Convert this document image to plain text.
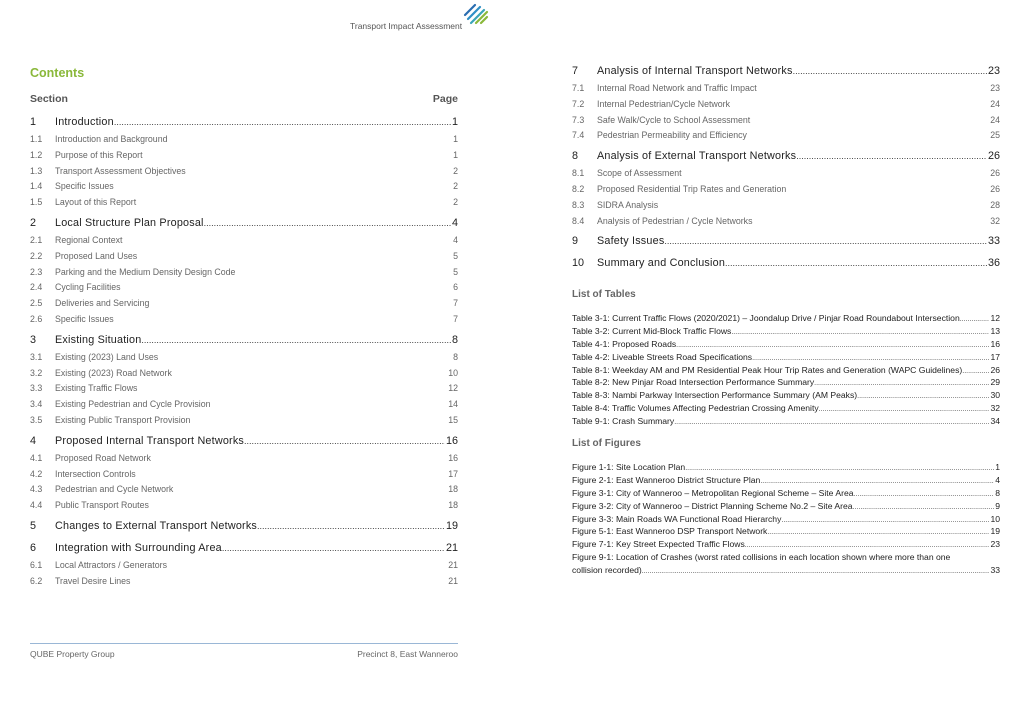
Transport Impact Assessment
Contents
Section	Page
1	Introduction .....	1
1.1 Introduction and Background	1
1.2 Purpose of this Report	1
1.3 Transport Assessment Objectives	2
1.4 Specific Issues	2
1.5 Layout of this Report	2
2	Local Structure Plan Proposal .....	4
2.1 Regional Context	4
2.2 Proposed Land Uses	5
2.3 Parking and the Medium Density Design Code	5
2.4 Cycling Facilities	6
2.5 Deliveries and Servicing	7
2.6 Specific Issues	7
3	Existing Situation .....	8
3.1 Existing (2023) Land Uses	8
3.2 Existing (2023) Road Network	10
3.3 Existing Traffic Flows	12
3.4 Existing Pedestrian and Cycle Provision	14
3.5 Existing Public Transport Provision	15
4	Proposed Internal Transport Networks .....	16
4.1 Proposed Road Network	16
4.2 Intersection Controls	17
4.3 Pedestrian and Cycle Network	18
4.4 Public Transport Routes	18
5	Changes to External Transport Networks .....	19
6	Integration with Surrounding Area .....	21
6.1 Local Attractors / Generators	21
6.2 Travel Desire Lines	21
7	Analysis of Internal Transport Networks .....	23
7.1 Internal Road Network and Traffic Impact	23
7.2 Internal Pedestrian/Cycle Network	24
7.3 Safe Walk/Cycle to School Assessment	24
7.4 Pedestrian Permeability and Efficiency	25
8	Analysis of External Transport Networks .....	26
8.1 Scope of Assessment	26
8.2 Proposed Residential Trip Rates and Generation	26
8.3 SIDRA Analysis	28
8.4 Analysis of Pedestrian / Cycle Networks	32
9	Safety Issues .....	33
10	Summary and Conclusion .....	36
List of Tables
Table 3-1: Current Traffic Flows (2020/2021) – Joondalup Drive / Pinjar Road Roundabout Intersection .....	12
Table 3-2: Current Mid-Block Traffic Flows .....	13
Table 4-1: Proposed Roads .....	16
Table 4-2: Liveable Streets Road Specifications .....	17
Table 8-1: Weekday AM and PM Residential Peak Hour Trip Rates and Generation (WAPC Guidelines) .....	26
Table 8-2: New Pinjar Road Intersection Performance Summary .....	29
Table 8-3: Nambi Parkway Intersection Performance Summary (AM Peaks) .....	30
Table 8-4: Traffic Volumes Affecting Pedestrian Crossing Amenity .....	32
Table 9-1: Crash Summary .....	34
List of Figures
Figure 1-1: Site Location Plan .....	1
Figure 2-1: East Wanneroo District Structure Plan .....	4
Figure 3-1: City of Wanneroo – Metropolitan Regional Scheme – Site Area .....	8
Figure 3-2: City of Wanneroo – District Planning Scheme No.2 – Site Area .....	9
Figure 3-3: Main Roads WA Functional Road Hierarchy .....	10
Figure 5-1: East Wanneroo DSP Transport Network .....	19
Figure 7-1: Key Street Expected Traffic Flows .....	23
Figure 9-1: Location of Crashes (worst rated collisions in each location shown where more than one
collision recorded) .....	33
QUBE Property Group	Precinct 8, East Wanneroo
